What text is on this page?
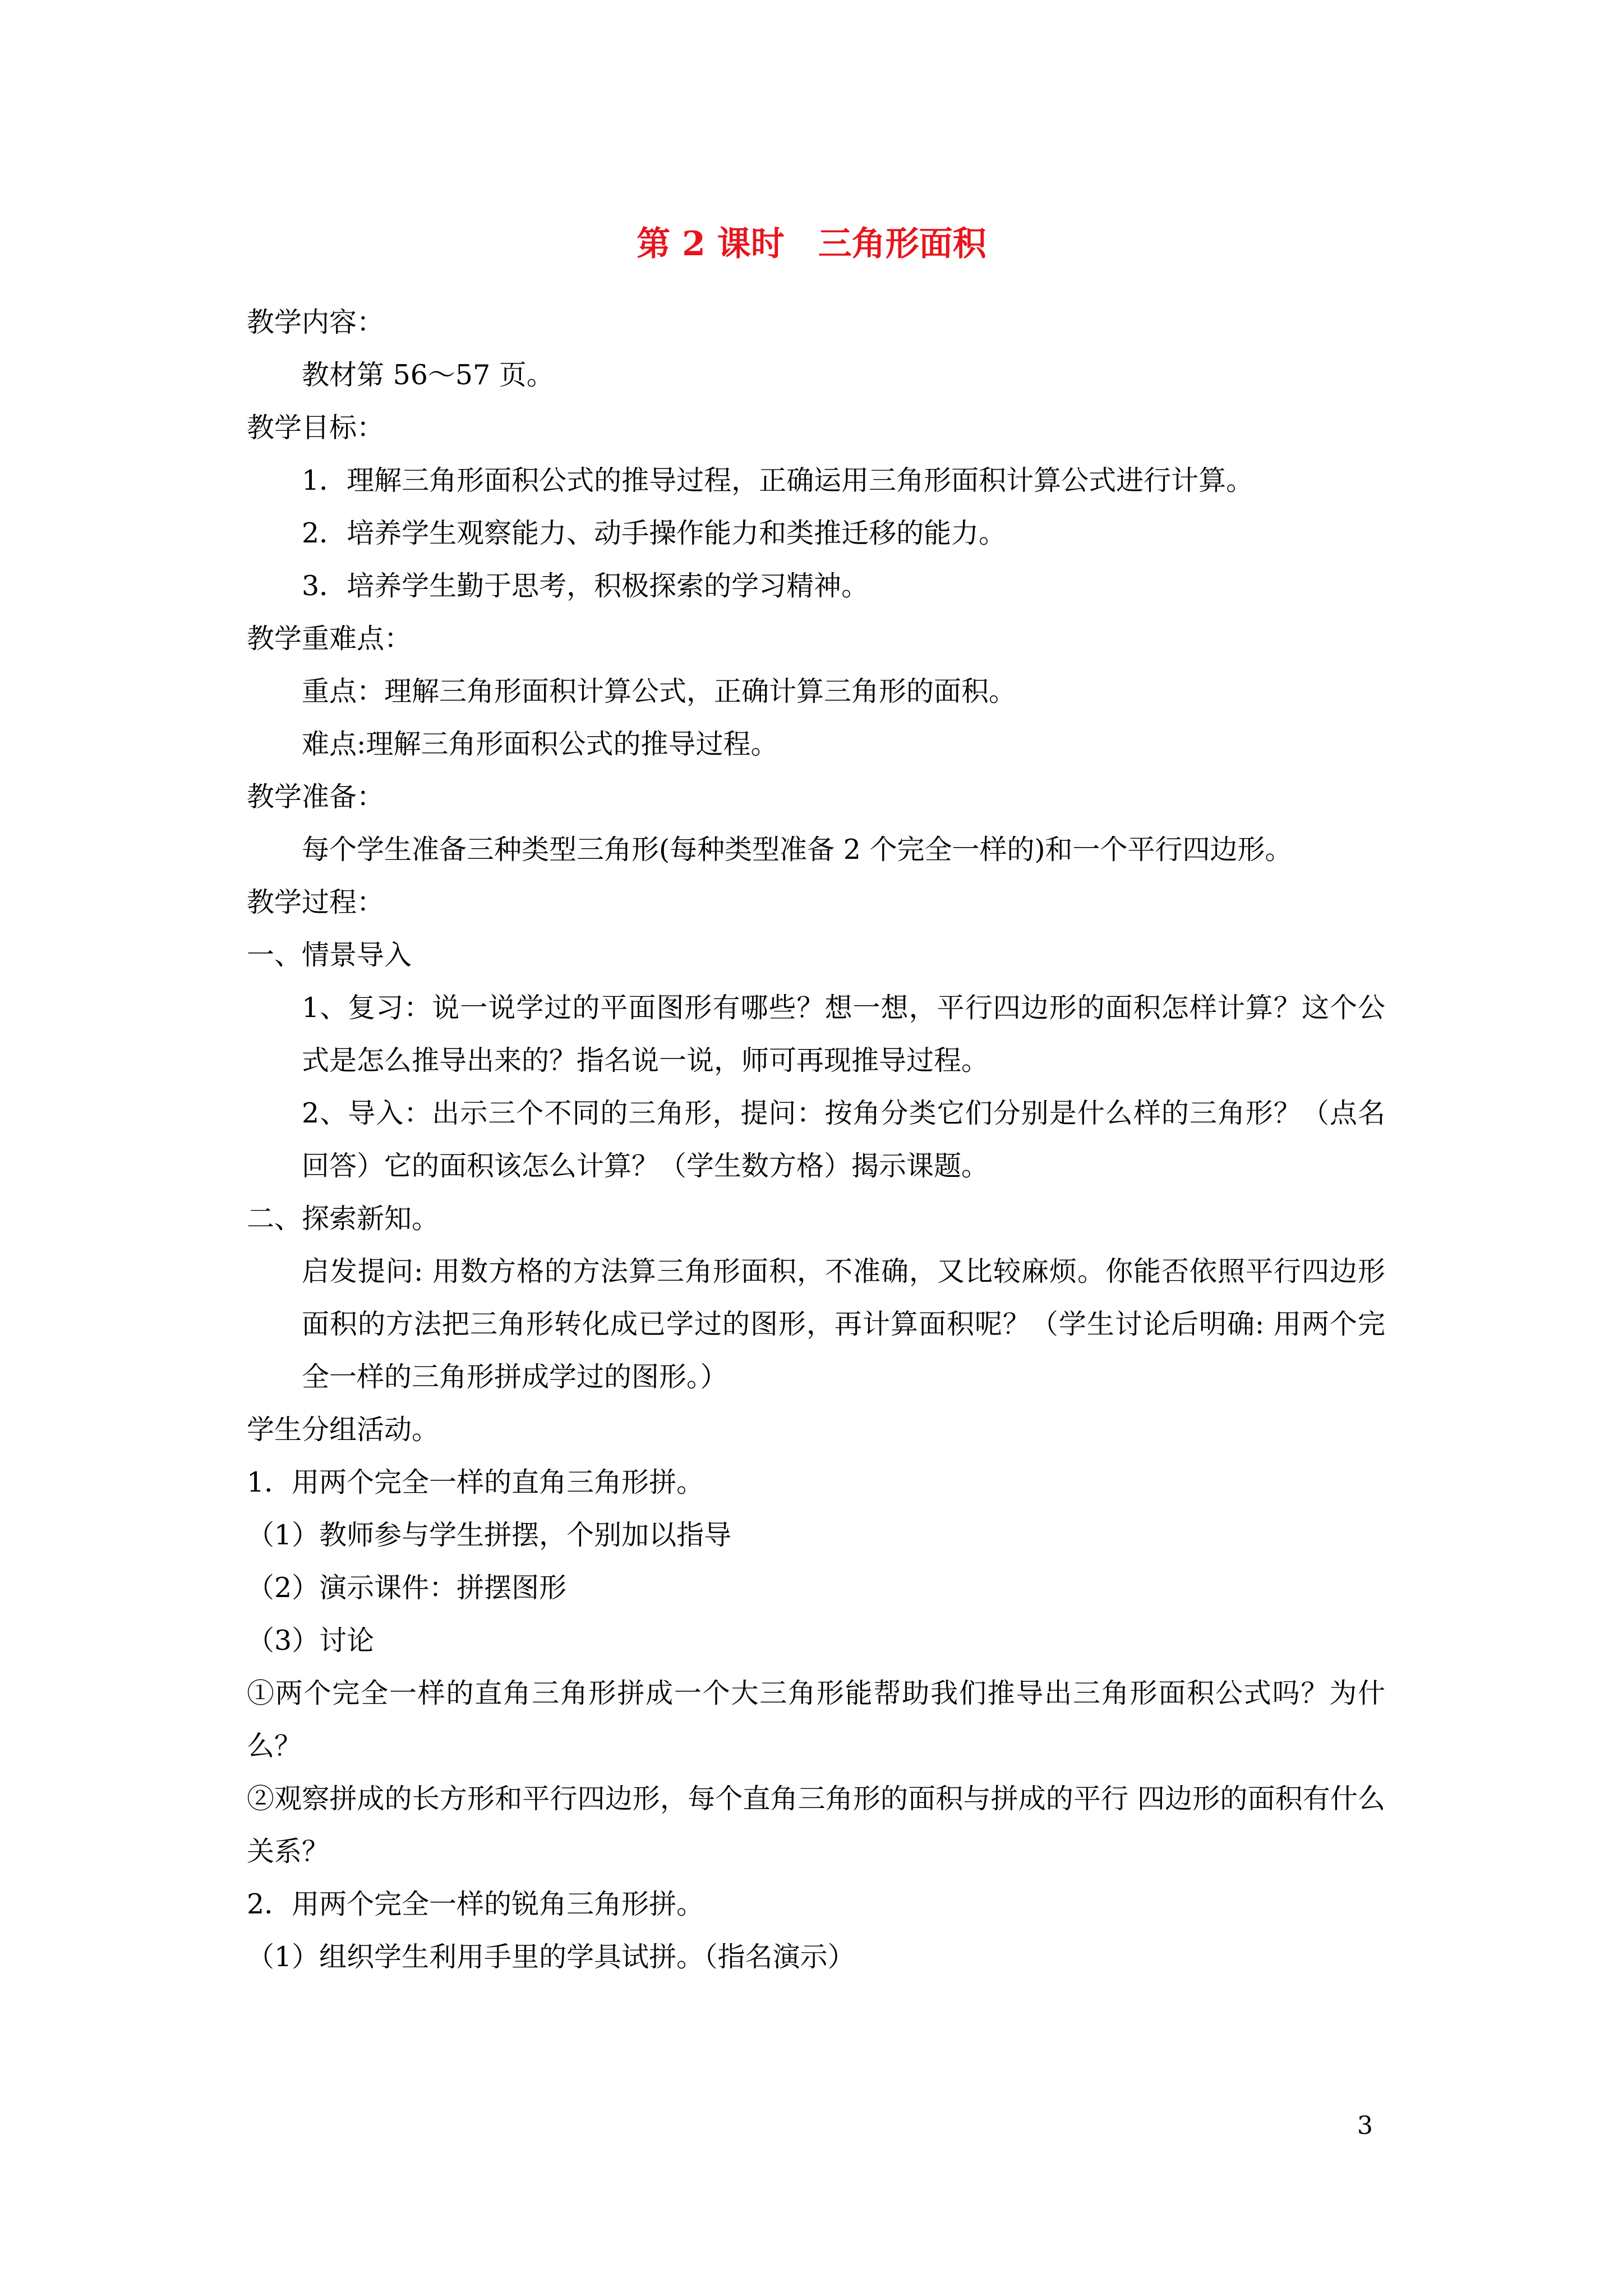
第 2 课时　三角形面积

教学内容：

教材第 56～57 页。

教学目标：

1．理解三角形面积公式的推导过程，正确运用三角形面积计算公式进行计算。

2．培养学生观察能力、动手操作能力和类推迁移的能力。

3．培养学生勤于思考，积极探索的学习精神。

教学重难点：

重点：理解三角形面积计算公式，正确计算三角形的面积。

难点:理解三角形面积公式的推导过程。

教学准备：

每个学生准备三种类型三角形(每种类型准备 2 个完全一样的)和一个平行四边形。

教学过程：

一、情景导入

1、复习：说一说学过的平面图形有哪些？想一想，平行四边形的面积怎样计算？这个公式是怎么推导出来的？指名说一说，师可再现推导过程。

2、导入：出示三个不同的三角形，提问：按角分类它们分别是什么样的三角形？（点名回答）它的面积该怎么计算？（学生数方格）揭示课题。

二、探索新知。

启发提问: 用数方格的方法算三角形面积，不准确，又比较麻烦。你能否依照平行四边形面积的方法把三角形转化成已学过的图形，再计算面积呢？（学生讨论后明确: 用两个完全一样的三角形拼成学过的图形。）

学生分组活动。

1．用两个完全一样的直角三角形拼。

（1）教师参与学生拼摆，个别加以指导

（2）演示课件：拼摆图形

（3）讨论

①两个完全一样的直角三角形拼成一个大三角形能帮助我们推导出三角形面积公式吗？为什么？

②观察拼成的长方形和平行四边形，每个直角三角形的面积与拼成的平行 四边形的面积有什么关系？

2．用两个完全一样的锐角三角形拼。

（1）组织学生利用手里的学具试拼。（指名演示）

3
